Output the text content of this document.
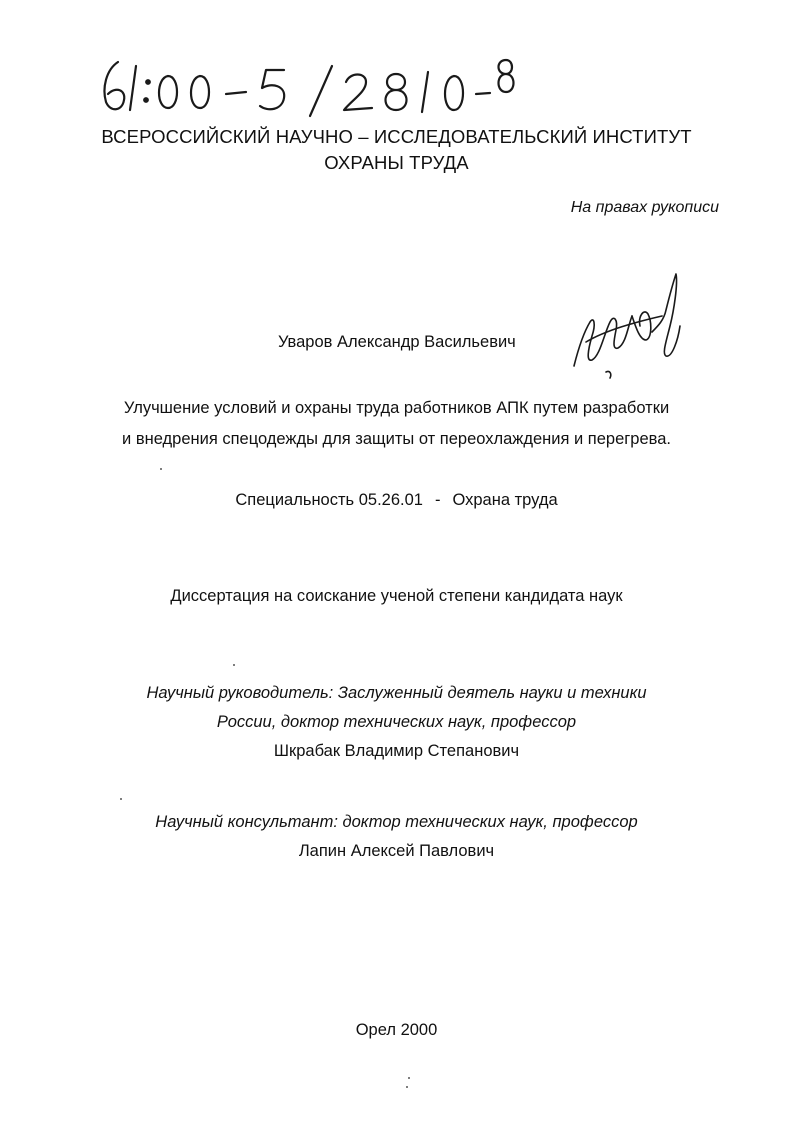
ВСЕРОССИЙСКИЙ НАУЧНО – ИССЛЕДОВАТЕЛЬСКИЙ ИНСТИТУТ
ОХРАНЫ ТРУДА
На правах рукописи
Уваров Александр Васильевич
Улучшение условий и охраны труда работников АПК путем разработки
и внедрения спецодежды для защиты от переохлаждения и перегрева.
Специальность 05.26.01 - Охрана труда
Диссертация на соискание ученой степени кандидата наук
Научный руководитель: Заслуженный деятель науки и техники
России, доктор технических наук, профессор
Шкрабак Владимир Степанович
Научный консультант: доктор технических наук, профессор
Лапин Алексей Павлович
Орел 2000
